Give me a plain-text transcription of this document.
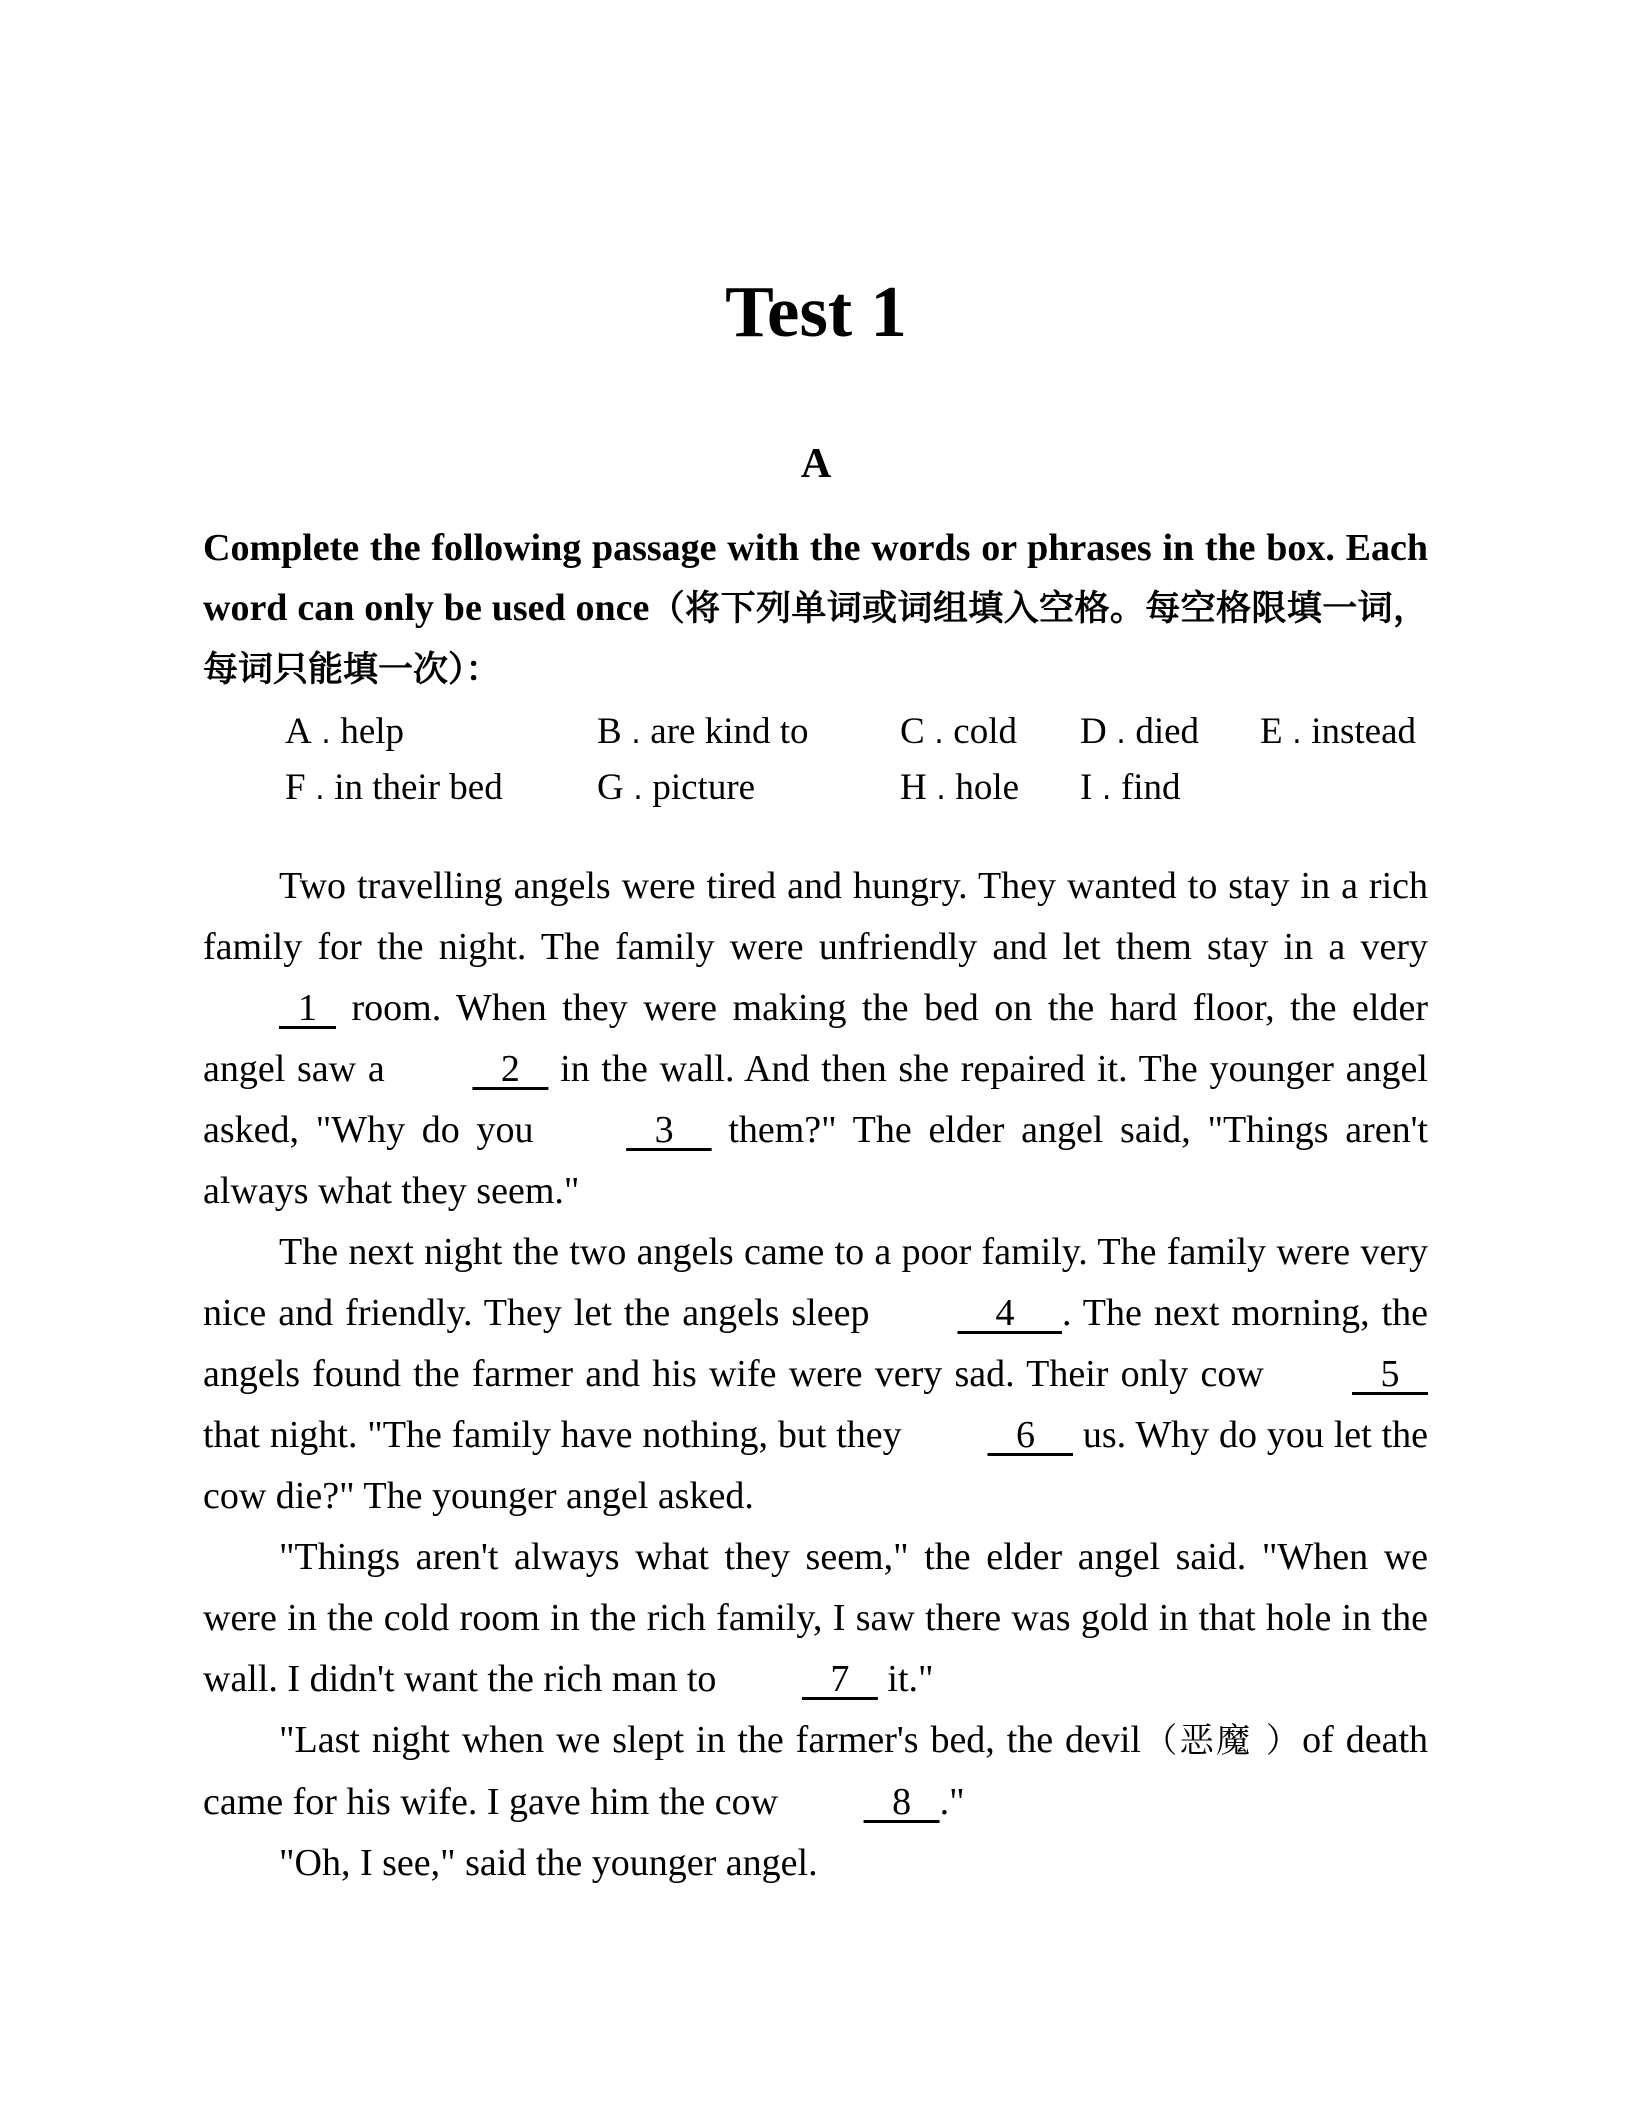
Test 1
A

Complete the following passage with the words or phrases in the box. Each word can only be used once（将下列单词或词组填入空格。每空格限填一词，每词只能填一次）：

A . help	B . are kind to C . cold D . died E . instead
F . in their bed	G . picture	H . hole I . find

Two travelling angels were tired and hungry. They wanted to stay in a rich family for the night. The family were unfriendly and let them stay in a very   1   room. When they were making the bed on the hard floor, the elder angel saw a    2    in the wall. And then she repaired it. The younger angel asked, "Why do you    3     them?" The elder angel said, "Things aren't always what they seem."

The next night the two angels came to a poor family. The family were very nice and friendly. They let the angels sleep     4     . The next morning, the angels found the farmer and his wife were very sad. Their only cow    5    that night. "The family have nothing, but they    6     us. Why do you let the cow die?" The younger angel asked.

"Things aren't always what they seem," the elder angel said. "When we were in the cold room in the rich family, I saw there was gold in that hole in the wall. I didn't want the rich man to    7    it."

"Last night when we slept in the farmer's bed, the devil（恶魔 ）of death came for his wife. I gave him the cow    8   ."

"Oh, I see," said the younger angel.
